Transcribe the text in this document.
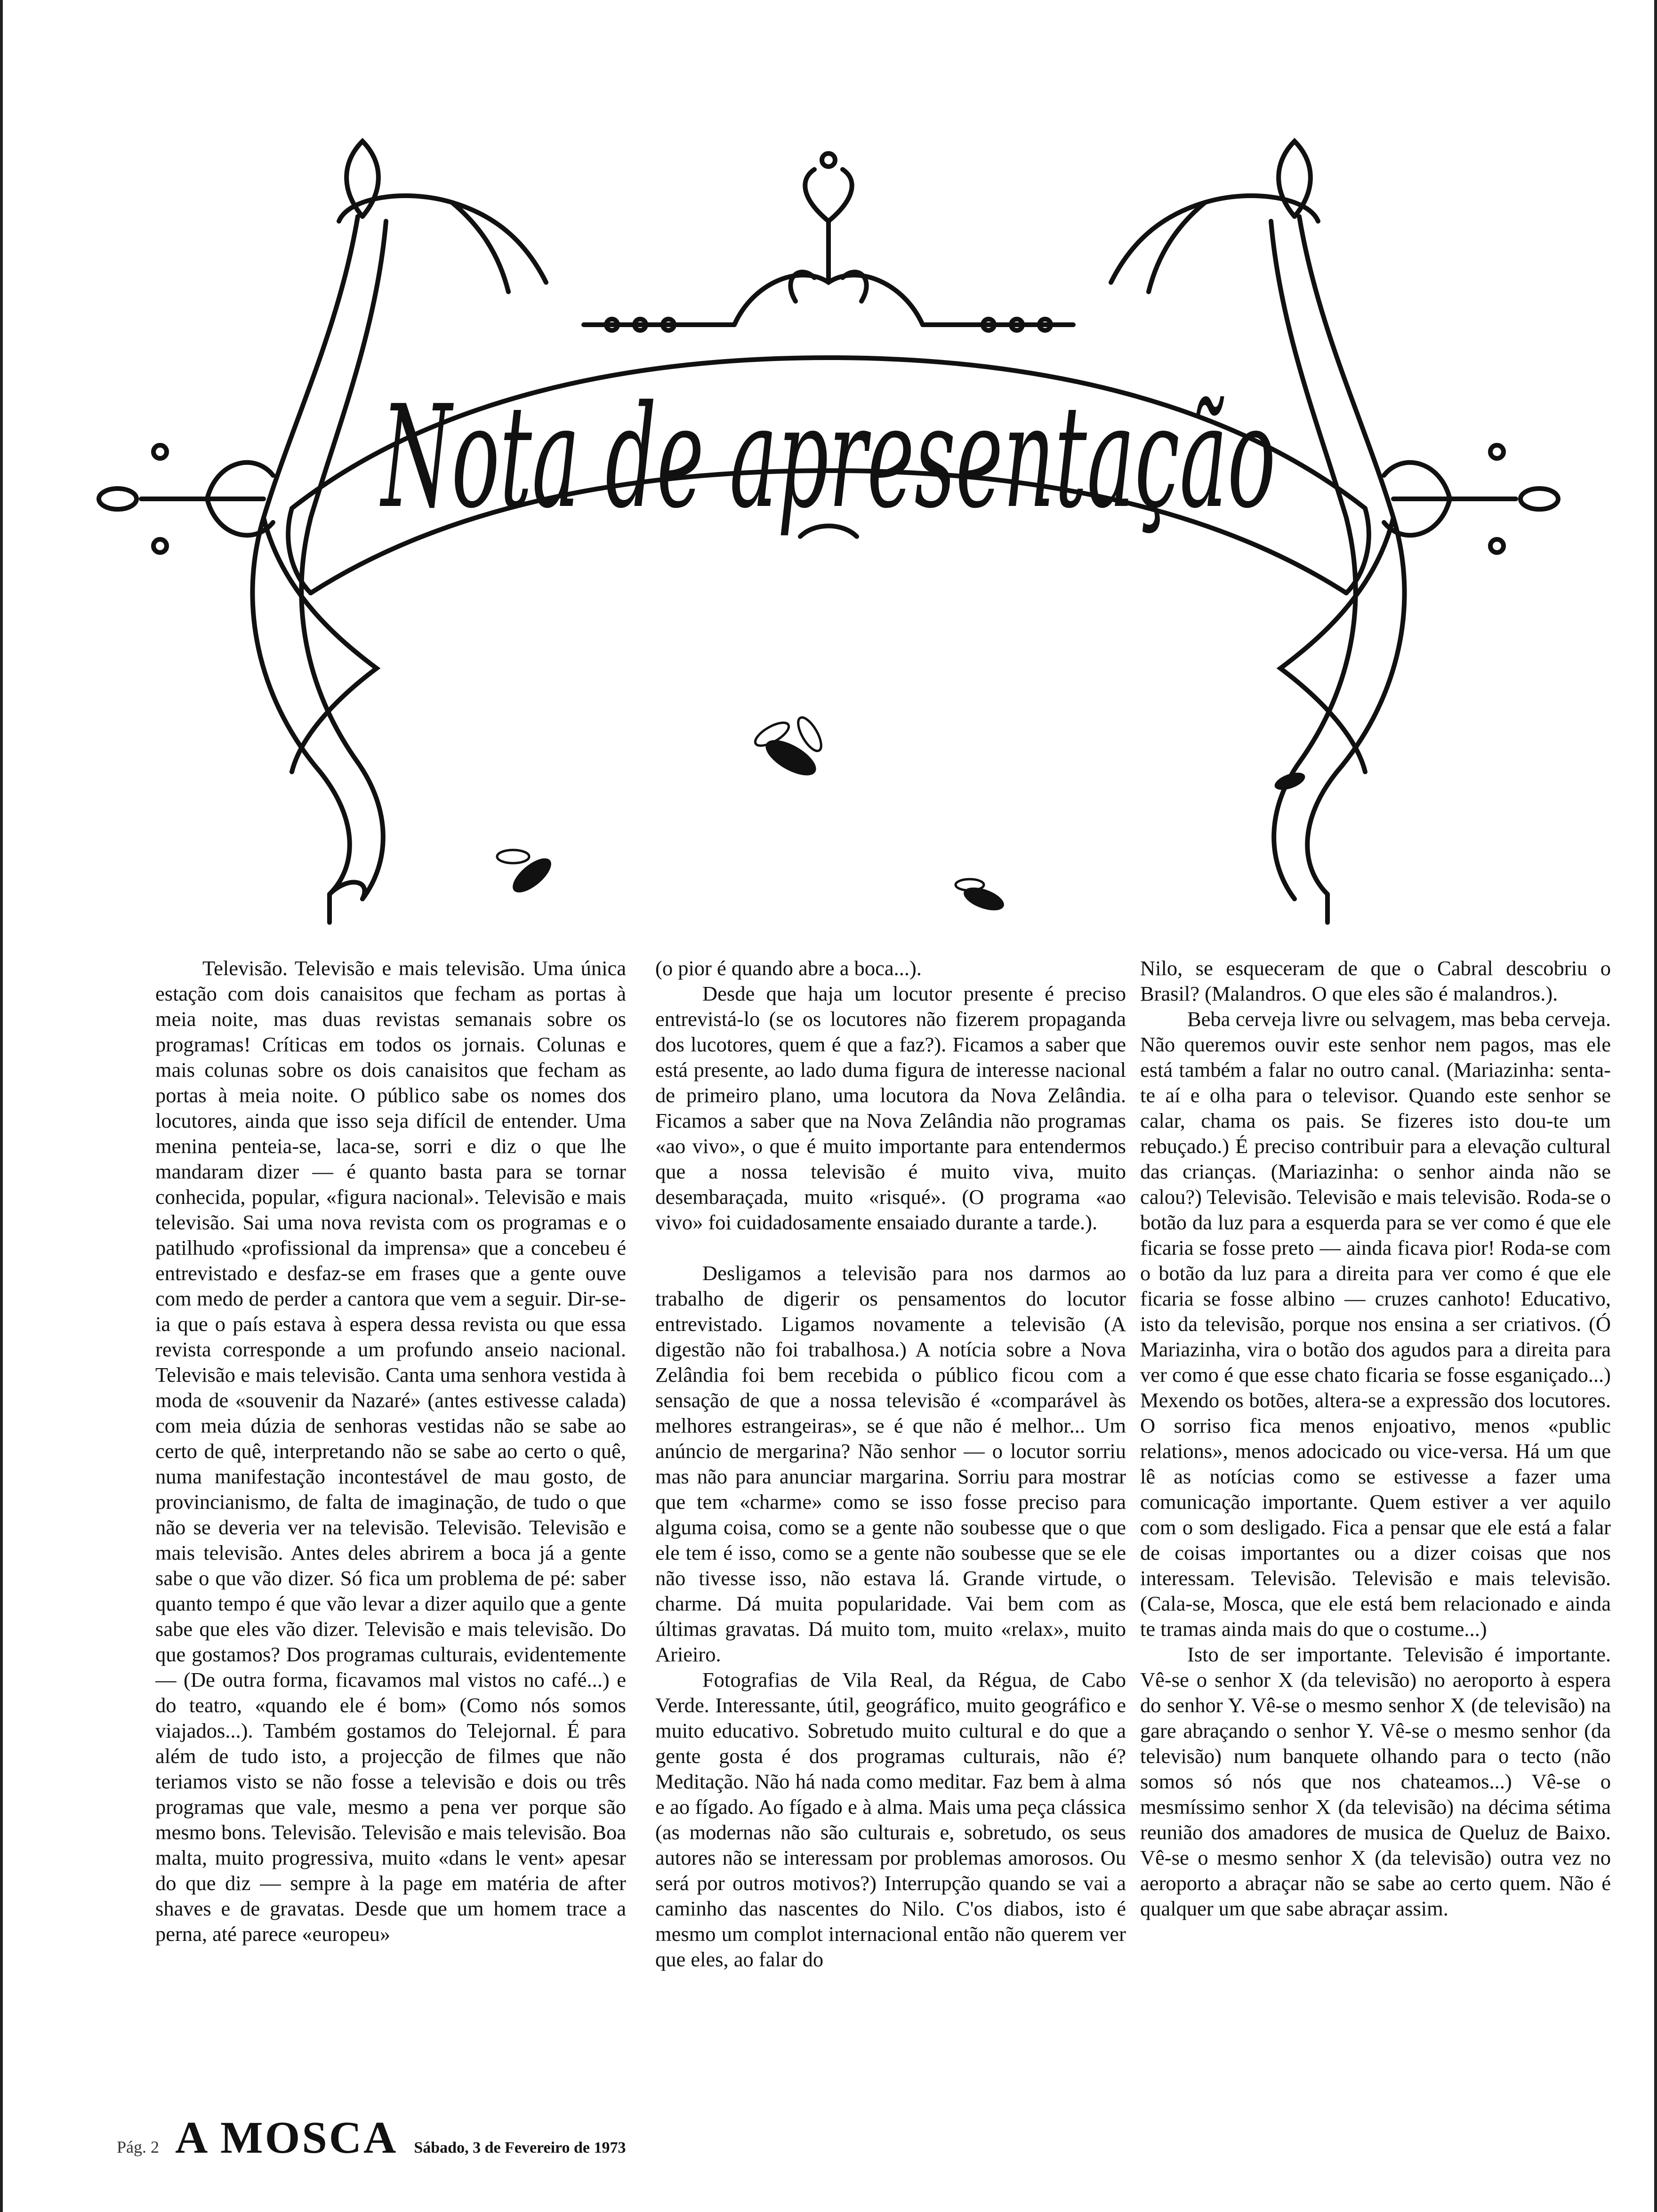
Nota de apresentação

Televisão. Televisão e mais televisão. Uma única estação com dois canaisitos que fecham as portas à meia noite, mas duas revistas semanais sobre os programas! Críticas em todos os jornais. Colunas e mais colunas sobre os dois canaisitos que fecham as portas à meia noite. O público sabe os nomes dos locutores, ainda que isso seja difícil de entender. Uma menina penteia-se, laca-se, sorri e diz o que lhe mandaram dizer — é quanto basta para se tornar conhecida, popular, «figura nacional». Televisão e mais televisão. Sai uma nova revista com os programas e o patilhudo «profissional da imprensa» que a concebeu é entrevistado e desfaz-se em frases que a gente ouve com medo de perder a cantora que vem a seguir. Dir-se-ia que o país estava à espera dessa revista ou que essa revista corresponde a um profundo anseio nacional. Televisão e mais televisão. Canta uma senhora vestida à moda de «souvenir da Nazaré» (antes estivesse calada) com meia dúzia de senhoras vestidas não se sabe ao certo de quê, interpretando não se sabe ao certo o quê, numa manifestação incontestável de mau gosto, de provincianismo, de falta de imaginação, de tudo o que não se deveria ver na televisão. Televisão. Televisão e mais televisão. Antes deles abrirem a boca já a gente sabe o que vão dizer. Só fica um problema de pé: saber quanto tempo é que vão levar a dizer aquilo que a gente sabe que eles vão dizer. Televisão e mais televisão. Do que gostamos? Dos programas culturais, evidentemente — (De outra forma, ficavamos mal vistos no café...) e do teatro, «quando ele é bom» (Como nós somos viajados...). Também gostamos do Telejornal. É para além de tudo isto, a projecção de filmes que não teriamos visto se não fosse a televisão e dois ou três programas que vale, mesmo a pena ver porque são mesmo bons. Televisão. Televisão e mais televisão. Boa malta, muito progressiva, muito «dans le vent» apesar do que diz — sempre à la page em matéria de after shaves e de gravatas. Desde que um homem trace a perna, até parece «europeu»

(o pior é quando abre a boca...).

Desde que haja um locutor presente é preciso entrevistá-lo (se os locutores não fizerem propaganda dos lucotores, quem é que a faz?). Ficamos a saber que está presente, ao lado duma figura de interesse nacional de primeiro plano, uma locutora da Nova Zelândia. Ficamos a saber que na Nova Zelândia não programas «ao vivo», o que é muito importante para entendermos que a nossa televisão é muito viva, muito desembaraçada, muito «risqué». (O programa «ao vivo» foi cuidadosamente ensaiado durante a tarde.).

Desligamos a televisão para nos darmos ao trabalho de digerir os pensamentos do locutor entrevistado. Ligamos novamente a televisão (A digestão não foi trabalhosa.) A notícia sobre a Nova Zelândia foi bem recebida o público ficou com a sensação de que a nossa televisão é «comparável às melhores estrangeiras», se é que não é melhor... Um anúncio de mergarina? Não senhor — o locutor sorriu mas não para anunciar margarina. Sorriu para mostrar que tem «charme» como se isso fosse preciso para alguma coisa, como se a gente não soubesse que o que ele tem é isso, como se a gente não soubesse que se ele não tivesse isso, não estava lá. Grande virtude, o charme. Dá muita popularidade. Vai bem com as últimas gravatas. Dá muito tom, muito «relax», muito Arieiro.

Fotografias de Vila Real, da Régua, de Cabo Verde. Interessante, útil, geográfico, muito geográfico e muito educativo. Sobretudo muito cultural e do que a gente gosta é dos programas culturais, não é? Meditação. Não há nada como meditar. Faz bem à alma e ao fígado. Ao fígado e à alma. Mais uma peça clássica (as modernas não são culturais e, sobretudo, os seus autores não se interessam por problemas amorosos. Ou será por outros motivos?) Interrupção quando se vai a caminho das nascentes do Nilo. C'os diabos, isto é mesmo um complot internacional então não querem ver que eles, ao falar do

Nilo, se esqueceram de que o Cabral descobriu o Brasil? (Malandros. O que eles são é malandros.).

Beba cerveja livre ou selvagem, mas beba cerveja. Não queremos ouvir este senhor nem pagos, mas ele está também a falar no outro canal. (Mariazinha: senta-te aí e olha para o televisor. Quando este senhor se calar, chama os pais. Se fizeres isto dou-te um rebuçado.) É preciso contribuir para a elevação cultural das crianças. (Mariazinha: o senhor ainda não se calou?) Televisão. Televisão e mais televisão. Roda-se o botão da luz para a esquerda para se ver como é que ele ficaria se fosse preto — ainda ficava pior! Roda-se com o botão da luz para a direita para ver como é que ele ficaria se fosse albino — cruzes canhoto! Educativo, isto da televisão, porque nos ensina a ser criativos. (Ó Mariazinha, vira o botão dos agudos para a direita para ver como é que esse chato ficaria se fosse esganiçado...) Mexendo os botões, altera-se a expressão dos locutores. O sorriso fica menos enjoativo, menos «public relations», menos adocicado ou vice-versa. Há um que lê as notícias como se estivesse a fazer uma comunicação importante. Quem estiver a ver aquilo com o som desligado. Fica a pensar que ele está a falar de coisas importantes ou a dizer coisas que nos interessam. Televisão. Televisão e mais televisão. (Cala-se, Mosca, que ele está bem relacionado e ainda te tramas ainda mais do que o costume...)

Isto de ser importante. Televisão é importante. Vê-se o senhor X (da televisão) no aeroporto à espera do senhor Y. Vê-se o mesmo senhor X (de televisão) na gare abraçando o senhor Y. Vê-se o mesmo senhor (da televisão) num banquete olhando para o tecto (não somos só nós que nos chateamos...) Vê-se o mesmíssimo senhor X (da televisão) na décima sétima reunião dos amadores de musica de Queluz de Baixo. Vê-se o mesmo senhor X (da televisão) outra vez no aeroporto a abraçar não se sabe ao certo quem. Não é qualquer um que sabe abraçar assim.

Pág. 2 A MOSCA Sábado, 3 de Fevereiro de 1973
